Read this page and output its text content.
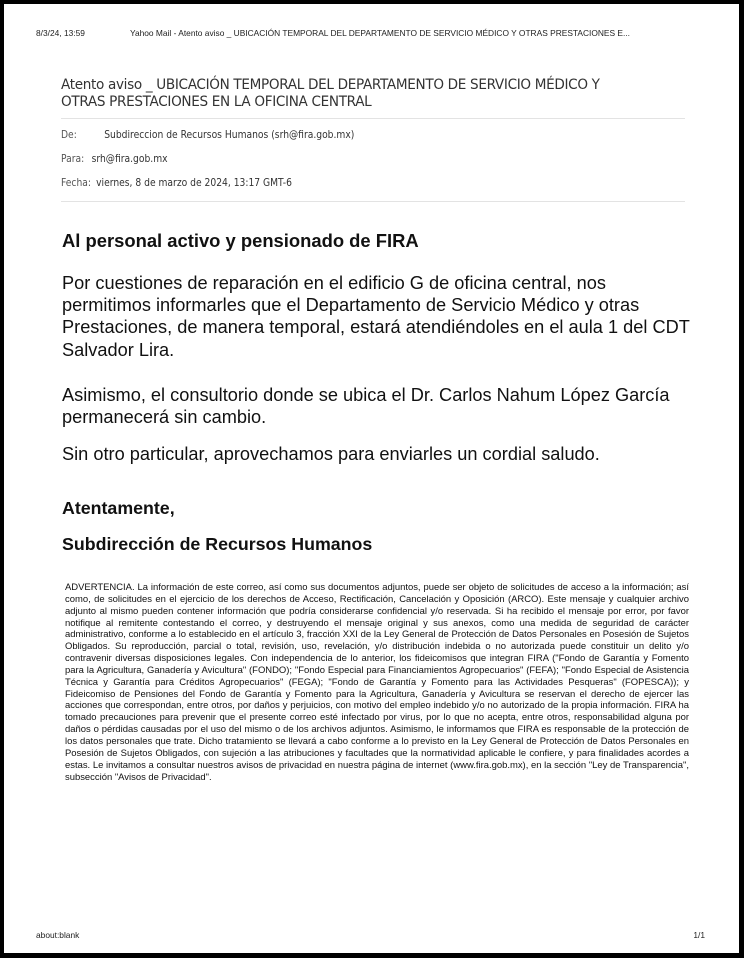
8/3/24, 13:59	Yahoo Mail - Atento aviso _ UBICACIÓN TEMPORAL DEL DEPARTAMENTO DE SERVICIO MÉDICO Y OTRAS PRESTACIONES E...
Atento aviso _ UBICACIÓN TEMPORAL DEL DEPARTAMENTO DE SERVICIO MÉDICO Y OTRAS PRESTACIONES EN LA OFICINA CENTRAL
De:	Subdireccion de Recursos Humanos (srh@fira.gob.mx)
Para: srh@fira.gob.mx
Fecha: viernes, 8 de marzo de 2024, 13:17 GMT-6
Al personal activo y pensionado de FIRA
Por cuestiones de reparación en el edificio G de oficina central, nos permitimos informarles que el Departamento de Servicio Médico y otras Prestaciones, de manera temporal, estará atendiéndoles en el aula 1 del CDT Salvador Lira.
Asimismo, el consultorio donde se ubica el Dr. Carlos Nahum López García permanecerá sin cambio.
Sin otro particular, aprovechamos para enviarles un cordial saludo.
Atentamente,
Subdirección de Recursos Humanos
ADVERTENCIA. La información de este correo, así como sus documentos adjuntos, puede ser objeto de solicitudes de acceso a la información; así como, de solicitudes en el ejercicio de los derechos de Acceso, Rectificación, Cancelación y Oposición (ARCO). Este mensaje y cualquier archivo adjunto al mismo pueden contener información que podría considerarse confidencial y/o reservada. Si ha recibido el mensaje por error, por favor notifique al remitente contestando el correo, y destruyendo el mensaje original y sus anexos, como una medida de seguridad de carácter administrativo, conforme a lo establecido en el artículo 3, fracción XXI de la Ley General de Protección de Datos Personales en Posesión de Sujetos Obligados. Su reproducción, parcial o total, revisión, uso, revelación, y/o distribución indebida o no autorizada puede constituir un delito y/o contravenir diversas disposiciones legales. Con independencia de lo anterior, los fideicomisos que integran FIRA ("Fondo de Garantía y Fomento para la Agricultura, Ganadería y Avicultura" (FONDO); "Fondo Especial para Financiamientos Agropecuarios" (FEFA); "Fondo Especial de Asistencia Técnica y Garantía para Créditos Agropecuarios" (FEGA); "Fondo de Garantía y Fomento para las Actividades Pesqueras" (FOPESCA)); y Fideicomiso de Pensiones del Fondo de Garantía y Fomento para la Agricultura, Ganadería y Avicultura se reservan el derecho de ejercer las acciones que correspondan, entre otros, por daños y perjuicios, con motivo del empleo indebido y/o no autorizado de la propia información. FIRA ha tomado precauciones para prevenir que el presente correo esté infectado por virus, por lo que no acepta, entre otros, responsabilidad alguna por daños o pérdidas causadas por el uso del mismo o de los archivos adjuntos. Asimismo, le informamos que FIRA es responsable de la protección de los datos personales que trate. Dicho tratamiento se llevará a cabo conforme a lo previsto en la Ley General de Protección de Datos Personales en Posesión de Sujetos Obligados, con sujeción a las atribuciones y facultades que la normatividad aplicable le confiere, y para finalidades acordes a estas. Le invitamos a consultar nuestros avisos de privacidad en nuestra página de internet (www.fira.gob.mx), en la sección "Ley de Transparencia", subsección "Avisos de Privacidad".
about:blank	1/1
